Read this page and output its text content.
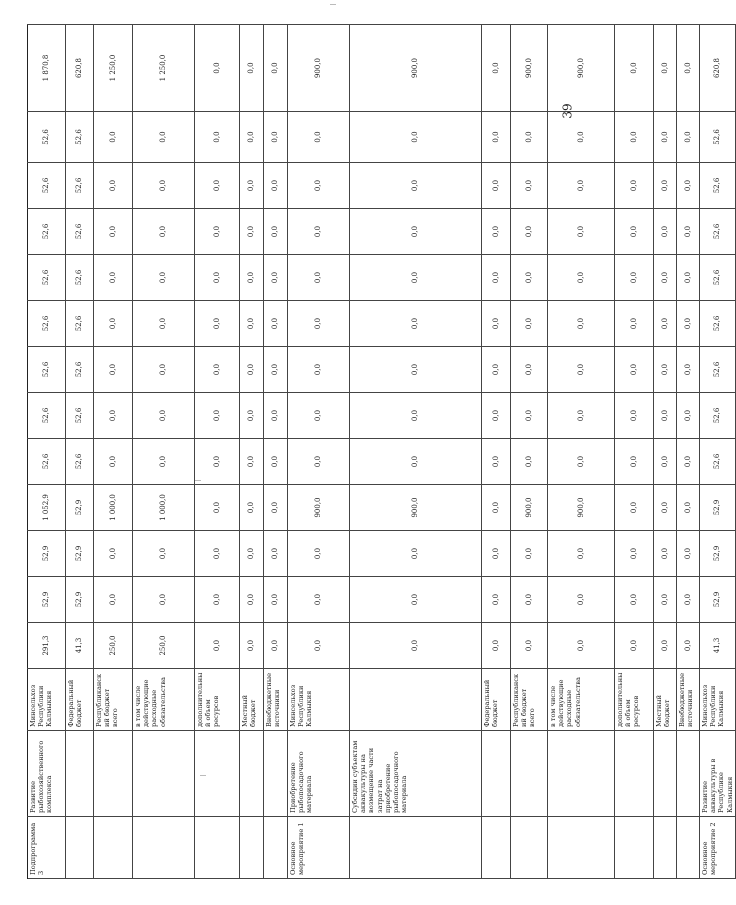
Подпрограмма 3	Развитие рыбохозяйственного комплекса	Минсельхоз Республики Калмыкия	291,3	52,9	52,9	1 052,9	52,6	52,6	52,6	52,6	52,6	52,6	52,6	52,6	1 870,8
		Федеральный бюджет	41,3	52,9	52,9	52,9	52,6	52,6	52,6	52,6	52,6	52,6	52,6	52,6	620,8
		Республиканский бюджет всего	250,0	0,0	0,0	1 000,0	0,0	0,0	0,0	0,0	0,0	0,0	0,0	0,0	1 250,0
		в том числе действующие расходные обязательства	250,0	0,0	0,0	1 000,0	0,0	0,0	0,0	0,0	0,0	0,0	0,0	0,0	1 250,0
		дополнительный объем ресурсов	0,0	0,0	0,0	0,0	0,0	0,0	0,0	0,0	0,0	0,0	0,0	0,0	0,0
		Местный бюджет	0,0	0,0	0,0	0,0	0,0	0,0	0,0	0,0	0,0	0,0	0,0	0,0	0,0
		Внебюджетные источники	0,0	0,0	0,0	0,0	0,0	0,0	0,0	0,0	0,0	0,0	0,0	0,0	0,0
Основное мероприятие 1	Приобретение рыбопосадочного материала	Минсельхоз Республики Калмыкия	0,0	0,0	0,0	900,0	0,0	0,0	0,0	0,0	0,0	0,0	0,0	0,0	900,0
	Субсидии субъектам аквакультуры на возмещение части затрат на приобретение рыбопосадочного материала		0,0	0,0	0,0	900,0	0,0	0,0	0,0	0,0	0,0	0,0	0,0	0,0	900,0
		Федеральный бюджет	0,0	0,0	0,0	0,0	0,0	0,0	0,0	0,0	0,0	0,0	0,0	0,0	0,0
		Республиканский бюджет всего	0,0	0,0	0,0	900,0	0,0	0,0	0,0	0,0	0,0	0,0	0,0	0,0	900,0
		в том числе действующие расходные обязательства	0,0	0,0	0,0	900,0	0,0	0,0	0,0	0,0	0,0	0,0	0,0	0,0	900,0
		дополнительный объем ресурсов	0,0	0,0	0,0	0,0	0,0	0,0	0,0	0,0	0,0	0,0	0,0	0,0	0,0
		Местный бюджет	0,0	0,0	0,0	0,0	0,0	0,0	0,0	0,0	0,0	0,0	0,0	0,0	0,0
		Внебюджетные источники	0,0	0,0	0,0	0,0	0,0	0,0	0,0	0,0	0,0	0,0	0,0	0,0	0,0
Основное мероприятие 2	Развитие аквакультуры в Республике Калмыкия	Минсельхоз Республики Калмыкия	41,3	52,9	52,9	52,9	52,6	52,6	52,6	52,6	52,6	52,6	52,6	52,6	620,8
39
